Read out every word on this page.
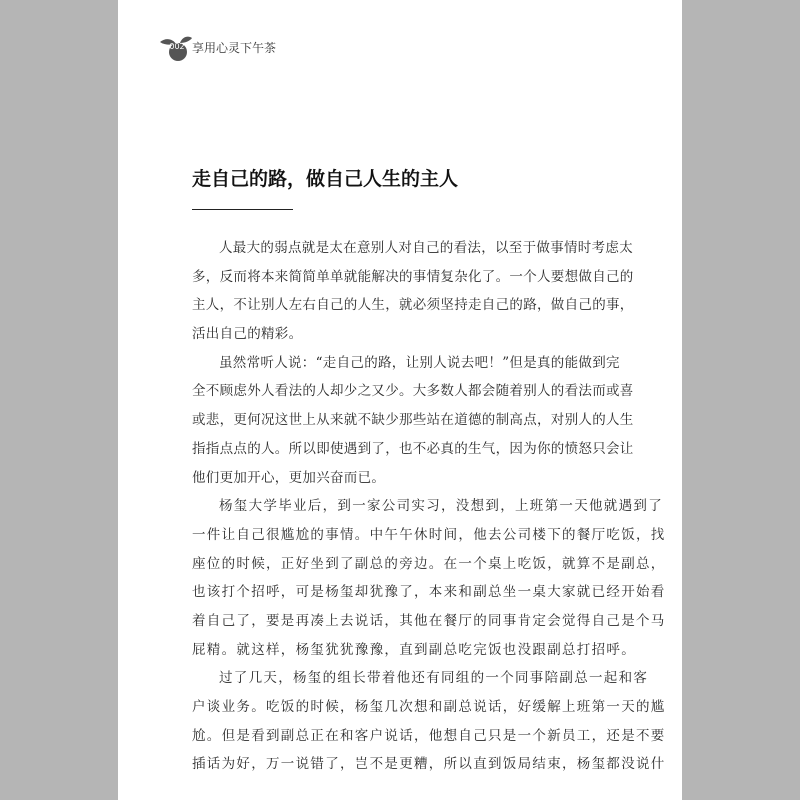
002 享用心灵下午茶
走自己的路，做自己人生的主人
人最大的弱点就是太在意别人对自己的看法，以至于做事情时考虑太
多，反而将本来简简单单就能解决的事情复杂化了。一个人要想做自己的
主人，不让别人左右自己的人生，就必须坚持走自己的路，做自己的事，
活出自己的精彩。
虽然常听人说：“走自己的路，让别人说去吧！”但是真的能做到完
全不顾虑外人看法的人却少之又少。大多数人都会随着别人的看法而或喜
或悲，更何况这世上从来就不缺少那些站在道德的制高点，对别人的人生
指指点点的人。所以即使遇到了，也不必真的生气，因为你的愤怒只会让
他们更加开心，更加兴奋而已。
杨玺大学毕业后，到一家公司实习，没想到，上班第一天他就遇到了
一件让自己很尴尬的事情。中午午休时间，他去公司楼下的餐厅吃饭，找
座位的时候，正好坐到了副总的旁边。在一个桌上吃饭，就算不是副总，
也该打个招呼，可是杨玺却犹豫了，本来和副总坐一桌大家就已经开始看
着自己了，要是再凑上去说话，其他在餐厅的同事肯定会觉得自己是个马
屁精。就这样，杨玺犹犹豫豫，直到副总吃完饭也没跟副总打招呼。
过了几天，杨玺的组长带着他还有同组的一个同事陪副总一起和客
户谈业务。吃饭的时候，杨玺几次想和副总说话，好缓解上班第一天的尴
尬。但是看到副总正在和客户说话，他想自己只是一个新员工，还是不要
插话为好，万一说错了，岂不是更糟，所以直到饭局结束，杨玺都没说什
